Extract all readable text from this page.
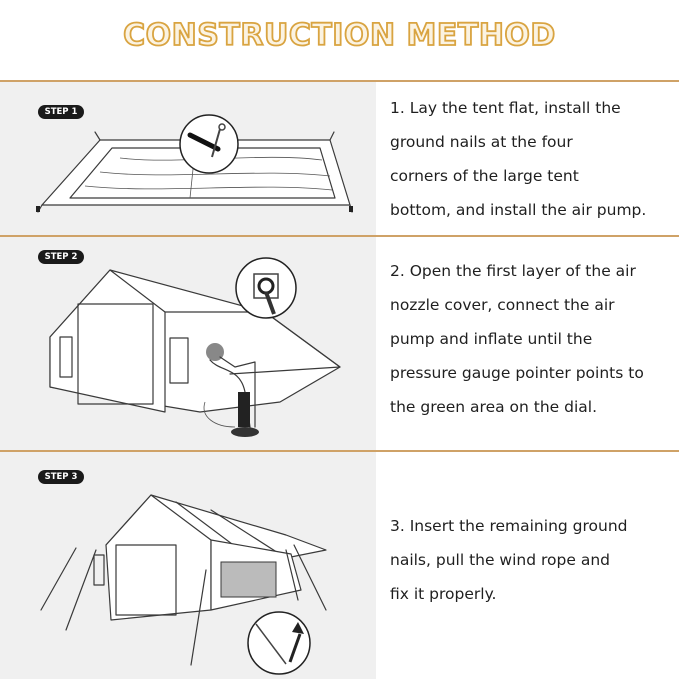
CONSTRUCTION METHOD
STEP 1	1. Lay the tent flat, install the
ground nails at the four
corners of the large tent
bottom, and install the air pump.
STEP 2
2. Open the first layer of the air
nozzle cover, connect the air
pump and inflate until the
pressure gauge pointer points to
the green area on the dial.
STEP 3
3. Insert the remaining ground
nails, pull the wind rope and
fix it properly.
